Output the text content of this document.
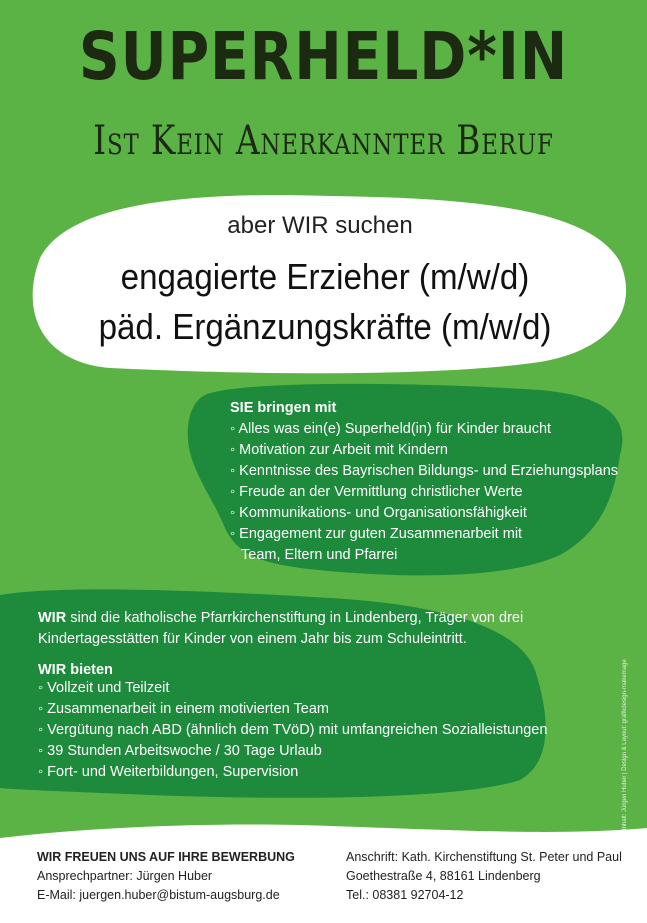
SUPERHELD*IN
Ist Kein Anerkannter Beruf
aber WIR suchen
engagierte Erzieher (m/w/d)
päd. Ergänzungskräfte (m/w/d)
SIE bringen mit
◦ Alles was ein(e) Superheld(in) für Kinder braucht
◦ Motivation zur Arbeit mit Kindern
◦ Kenntnisse des Bayrischen Bildungs- und Erziehungsplans
◦ Freude an der Vermittlung christlicher Werte
◦ Kommunikations- und Organisationsfähigkeit
◦ Engagement zur guten Zusammenarbeit mit Team, Eltern und Pfarrei

WIR sind die katholische Pfarrkirchenstiftung in Lindenberg, Träger von drei Kindertagesstätten für Kinder von einem Jahr bis zum Schuleintritt.

WIR bieten
◦ Vollzeit und Teilzeit
◦ Zusammenarbeit in einem motivierten Team
◦ Vergütung nach ABD (ähnlich dem TVöD) mit umfangreichen Sozialleistungen
◦ 39 Stunden Arbeitswoche / 30 Tage Urlaub
◦ Fort- und Weiterbildungen, Supervision	Inhalt: Jürgen Huber | Design & Layout: grafikdesign-makemage
WIR FREUEN UNS AUF IHRE BEWERBUNG
Ansprechpartner: Jürgen Huber
E-Mail: juergen.huber@bistum-augsburg.de
Anschrift: Kath. Kirchenstiftung St. Peter und Paul
Goethestraße 4, 88161 Lindenberg
Tel.: 08381 92704-12
